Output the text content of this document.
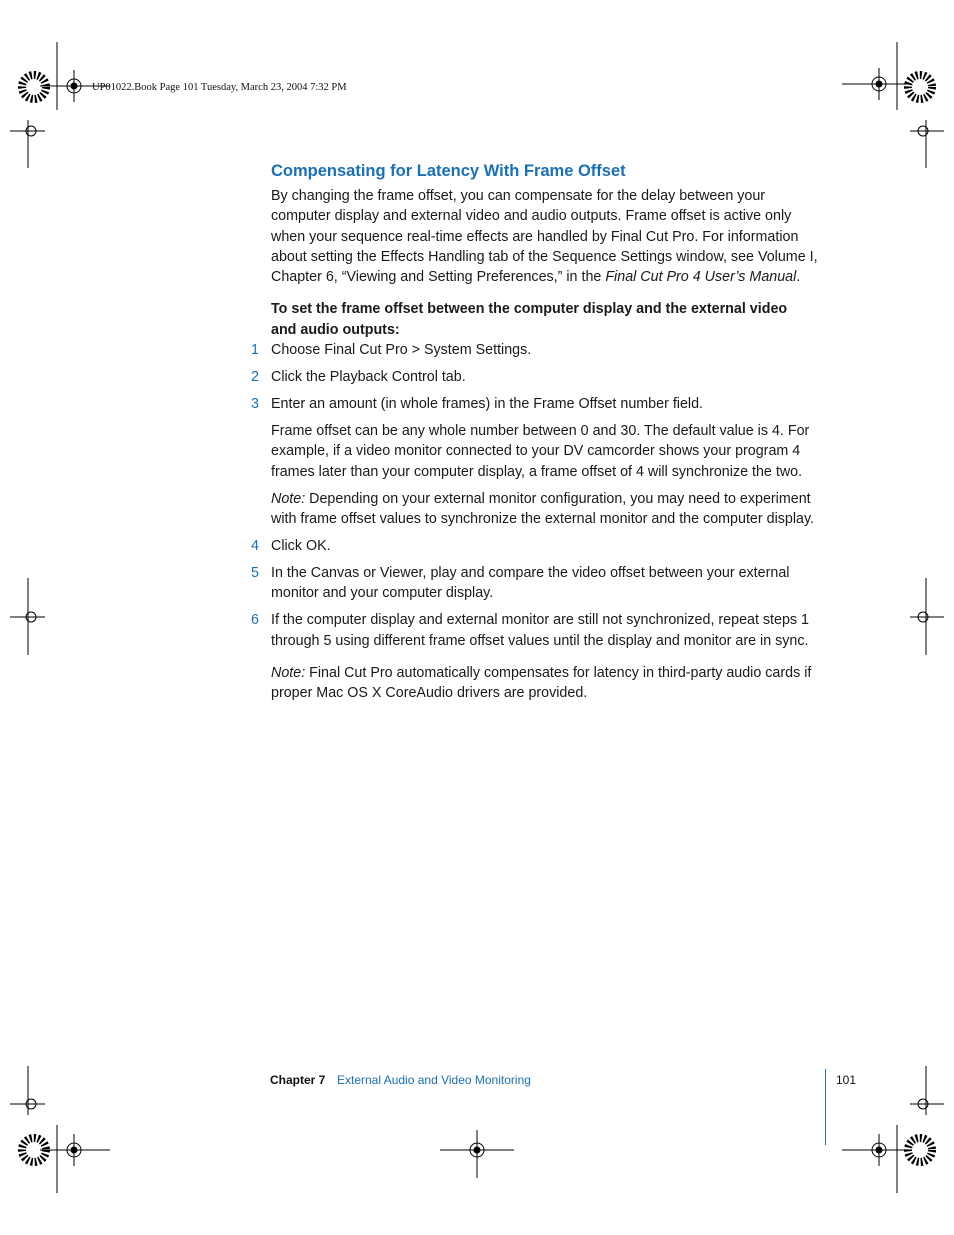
UP01022.Book Page 101 Tuesday, March 23, 2004 7:32 PM
Compensating for Latency With Frame Offset

By changing the frame offset, you can compensate for the delay between your
computer display and external video and audio outputs. Frame offset is active only
when your sequence real-time effects are handled by Final Cut Pro. For information
about setting the Effects Handling tab of the Sequence Settings window, see Volume I,
Chapter 6, “Viewing and Setting Preferences,” in the Final Cut Pro 4 User’s Manual.

To set the frame offset between the computer display and the external video
and audio outputs:

1 Choose Final Cut Pro > System Settings.

2 Click the Playback Control tab.

3 Enter an amount (in whole frames) in the Frame Offset number field.

Frame offset can be any whole number between 0 and 30. The default value is 4. For
example, if a video monitor connected to your DV camcorder shows your program 4
frames later than your computer display, a frame offset of 4 will synchronize the two.

Note: Depending on your external monitor configuration, you may need to experiment
with frame offset values to synchronize the external monitor and the computer display.

4 Click OK.

5 In the Canvas or Viewer, play and compare the video offset between your external
monitor and your computer display.

6 If the computer display and external monitor are still not synchronized, repeat steps 1
through 5 using different frame offset values until the display and monitor are in sync.

Note: Final Cut Pro automatically compensates for latency in third-party audio cards if
proper Mac OS X CoreAudio drivers are provided.

Chapter 7 External Audio and Video Monitoring	101
